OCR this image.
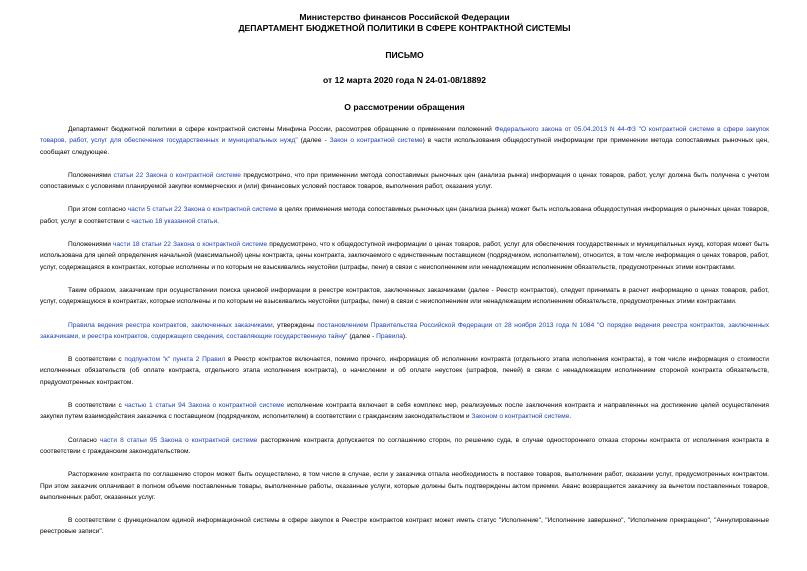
Министерство финансов Российской Федерации
ДЕПАРТАМЕНТ БЮДЖЕТНОЙ ПОЛИТИКИ В СФЕРЕ КОНТРАКТНОЙ СИСТЕМЫ
ПИСЬМО
от 12 марта 2020 года N 24-01-08/18892
О рассмотрении обращения

Департамент бюджетной политики в сфере контрактной системы Минфина России, рассмотрев обращение о применении положений Федерального закона от 05.04.2013 N 44-ФЗ "О контрактной системе в сфере закупок товаров, работ, услуг для обеспечения государственных и муниципальных нужд" (далее - Закон о контрактной системе) в части использования общедоступной информации при применении метода сопоставимых рыночных цен, сообщает следующее.

Положениями статьи 22 Закона о контрактной системе предусмотрено, что при применении метода сопоставимых рыночных цен (анализа рынка) информация о ценах товаров, работ, услуг должна быть получена с учетом сопоставимых с условиями планируемой закупки коммерческих и (или) финансовых условий поставок товаров, выполнения работ, оказания услуг.

При этом согласно части 5 статьи 22 Закона о контрактной системе в целях применения метода сопоставимых рыночных цен (анализа рынка) может быть использована общедоступная информация о рыночных ценах товаров, работ, услуг в соответствии с частью 18 указанной статьи.

Положениями части 18 статьи 22 Закона о контрактной системе предусмотрено, что к общедоступной информации о ценах товаров, работ, услуг для обеспечения государственных и муниципальных нужд, которая может быть использована для целей определения начальной (максимальной) цены контракта, цены контракта, заключаемого с единственным поставщиком (подрядчиком, исполнителем), относится, в том числе информация о ценах товаров, работ, услуг, содержащаяся в контрактах, которые исполнены и по которым не взыскивались неустойки (штрафы, пени) в связи с неисполнением или ненадлежащим исполнением обязательств, предусмотренных этими контрактами.

Таким образом, заказчикам при осуществлении поиска ценовой информации в реестре контрактов, заключенных заказчиками (далее - Реестр контрактов), следует принимать в расчет информацию о ценах товаров, работ, услуг, содержащуюся в контрактах, которые исполнены и по которым не взыскивались неустойки (штрафы, пени) в связи с неисполнением или ненадлежащим исполнением обязательств, предусмотренных этими контрактами.

Правила ведения реестра контрактов, заключенных заказчиками, утверждены постановлением Правительства Российской Федерации от 28 ноября 2013 года N 1084 "О порядке ведения реестра контрактов, заключенных заказчиками, и реестра контрактов, содержащего сведения, составляющие государственную тайну" (далее - Правила).

В соответствии с подпунктом "к" пункта 2 Правил в Реестр контрактов включается, помимо прочего, информация об исполнении контракта (отдельного этапа исполнения контракта), в том числе информация о стоимости исполненных обязательств (об оплате контракта, отдельного этапа исполнения контракта), о начислении и об оплате неустоек (штрафов, пеней) в связи с ненадлежащим исполнением стороной контракта обязательств, предусмотренных контрактом.

В соответствии с частью 1 статьи 94 Закона о контрактной системе исполнение контракта включает в себя комплекс мер, реализуемых после заключения контракта и направленных на достижение целей осуществления закупки путем взаимодействия заказчика с поставщиком (подрядчиком, исполнителем) в соответствии с гражданским законодательством и Законом о контрактной системе.

Согласно части 8 статьи 95 Закона о контрактной системе расторжение контракта допускается по соглашению сторон, по решению суда, в случае одностороннего отказа стороны контракта от исполнения контракта в соответствии с гражданским законодательством.

Расторжение контракта по соглашению сторон может быть осуществлено, в том числе в случае, если у заказчика отпала необходимость в поставке товаров, выполнении работ, оказании услуг, предусмотренных контрактом. При этом заказчик оплачивает в полном объеме поставленные товары, выполненные работы, оказанные услуги, которые должны быть подтверждены актом приемки. Аванс возвращается заказчику за вычетом поставленных товаров, выполненных работ, оказанных услуг.

В соответствии с функционалом единой информационной системы в сфере закупок в Реестре контрактов контракт может иметь статус "Исполнение", "Исполнение завершено", "Исполнение прекращено", "Аннулированные реестровые записи".
